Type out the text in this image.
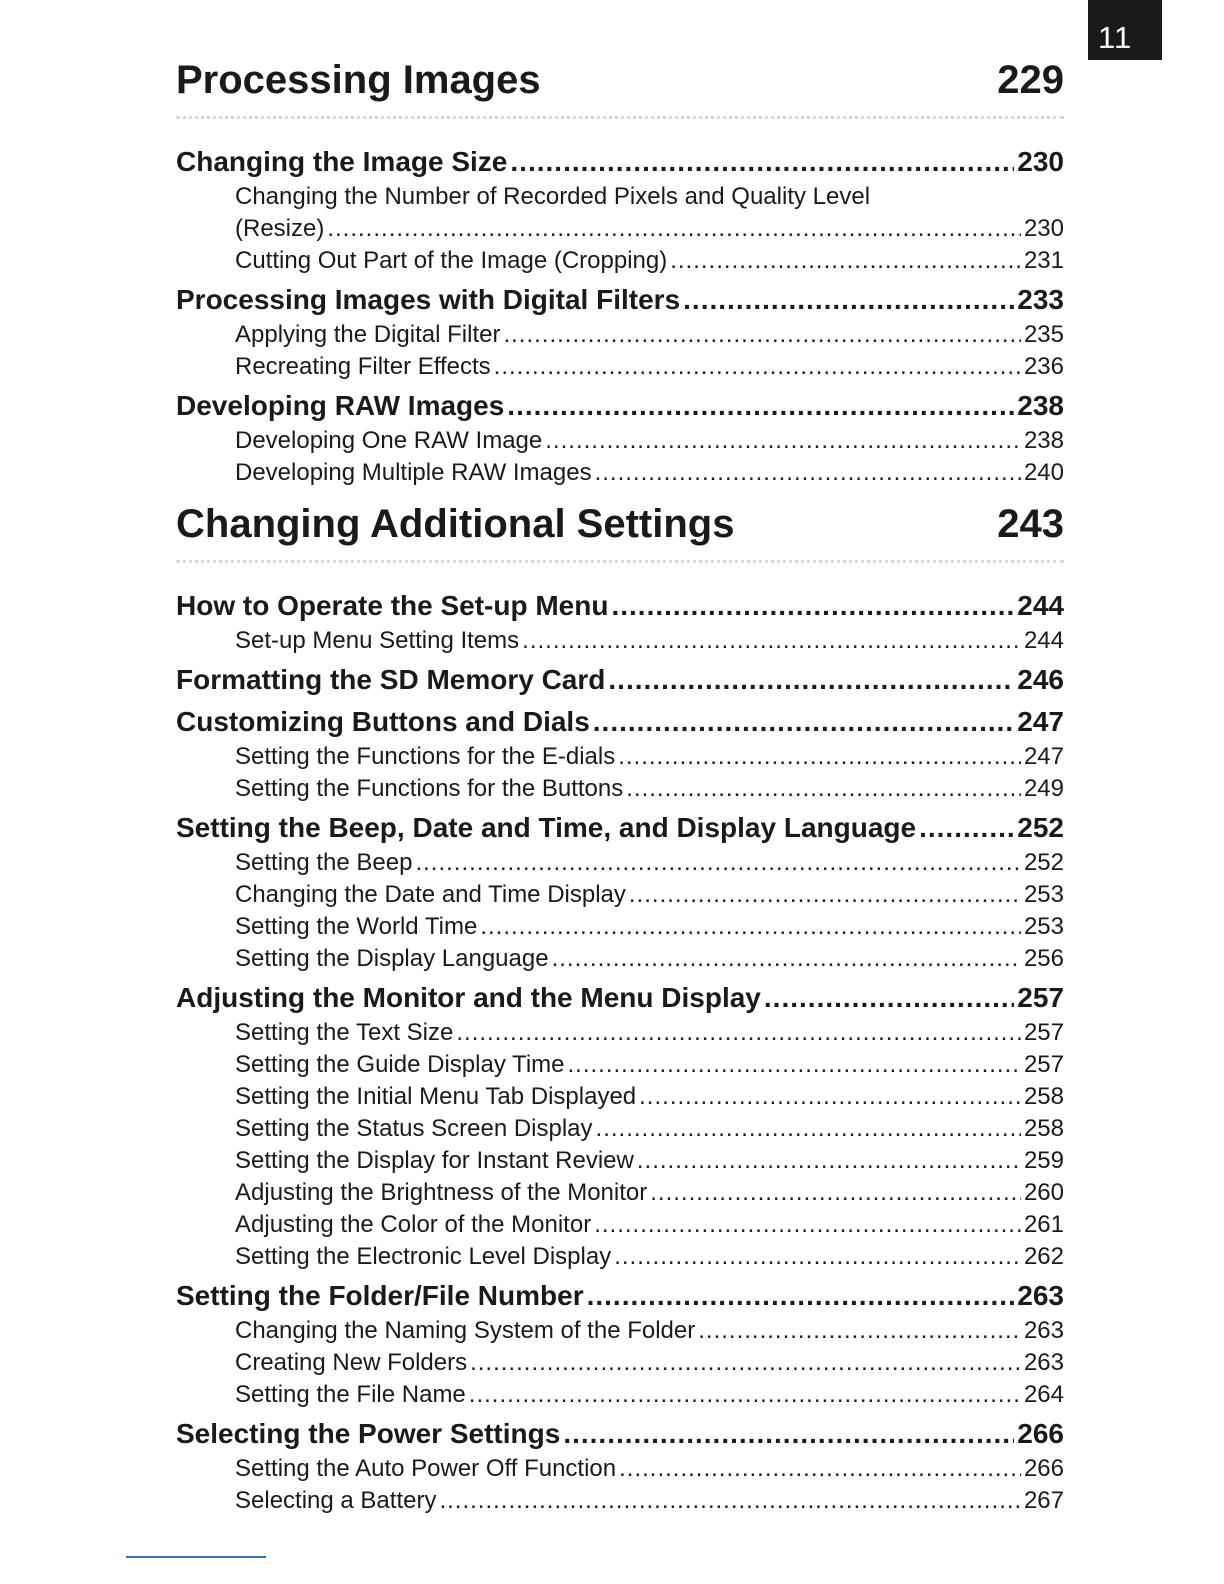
11
Processing Images	229
Changing the Image Size .....	230
Changing the Number of Recorded Pixels and Quality Level
(Resize) .....	230
Cutting Out Part of the Image (Cropping) .....	231
Processing Images with Digital Filters .....	233
Applying the Digital Filter .....	235
Recreating Filter Effects .....	236
Developing RAW Images .....	238
Developing One RAW Image .....	238
Developing Multiple RAW Images .....	240
Changing Additional Settings	243
How to Operate the Set-up Menu .....	244
Set-up Menu Setting Items .....	244
Formatting the SD Memory Card .....	246
Customizing Buttons and Dials .....	247
Setting the Functions for the E-dials .....	247
Setting the Functions for the Buttons .....	249
Setting the Beep, Date and Time, and Display Language .....	252
Setting the Beep .....	252
Changing the Date and Time Display .....	253
Setting the World Time .....	253
Setting the Display Language .....	256
Adjusting the Monitor and the Menu Display .....	257
Setting the Text Size .....	257
Setting the Guide Display Time .....	257
Setting the Initial Menu Tab Displayed .....	258
Setting the Status Screen Display .....	258
Setting the Display for Instant Review .....	259
Adjusting the Brightness of the Monitor .....	260
Adjusting the Color of the Monitor .....	261
Setting the Electronic Level Display .....	262
Setting the Folder/File Number .....	263
Changing the Naming System of the Folder .....	263
Creating New Folders .....	263
Setting the File Name .....	264
Selecting the Power Settings .....	266
Setting the Auto Power Off Function .....	266
Selecting a Battery .....	267
